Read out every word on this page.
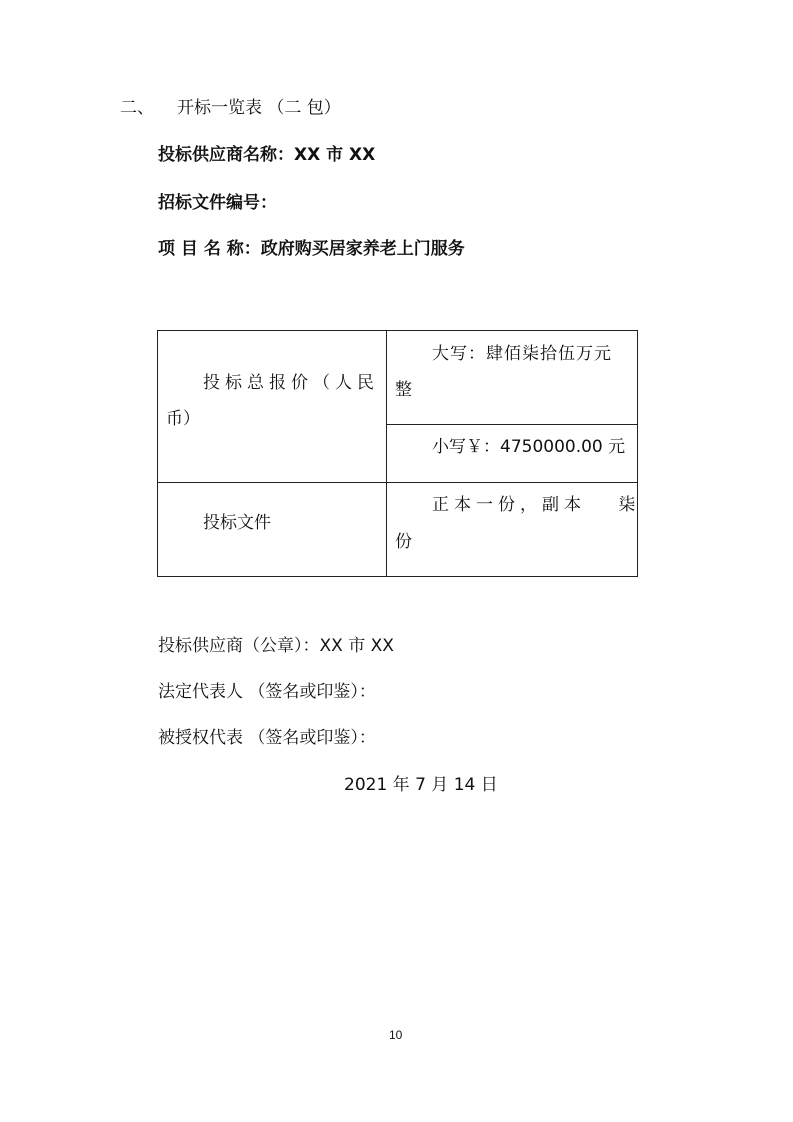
二、 开标一览表 （二 包）
投标供应商名称：XX 市 XX
招标文件编号：
项 目 名 称：政府购买居家养老上门服务
投标总报价（人民
币）
大写：肆佰柒拾伍万元
整
小写￥：4750000.00 元
投标文件
正本一份，副本　 柒
份
投标供应商（公章）：XX 市 XX
法定代表人 （签名或印鉴）：
被授权代表 （签名或印鉴）：
2021 年 7 月 14 日
10
